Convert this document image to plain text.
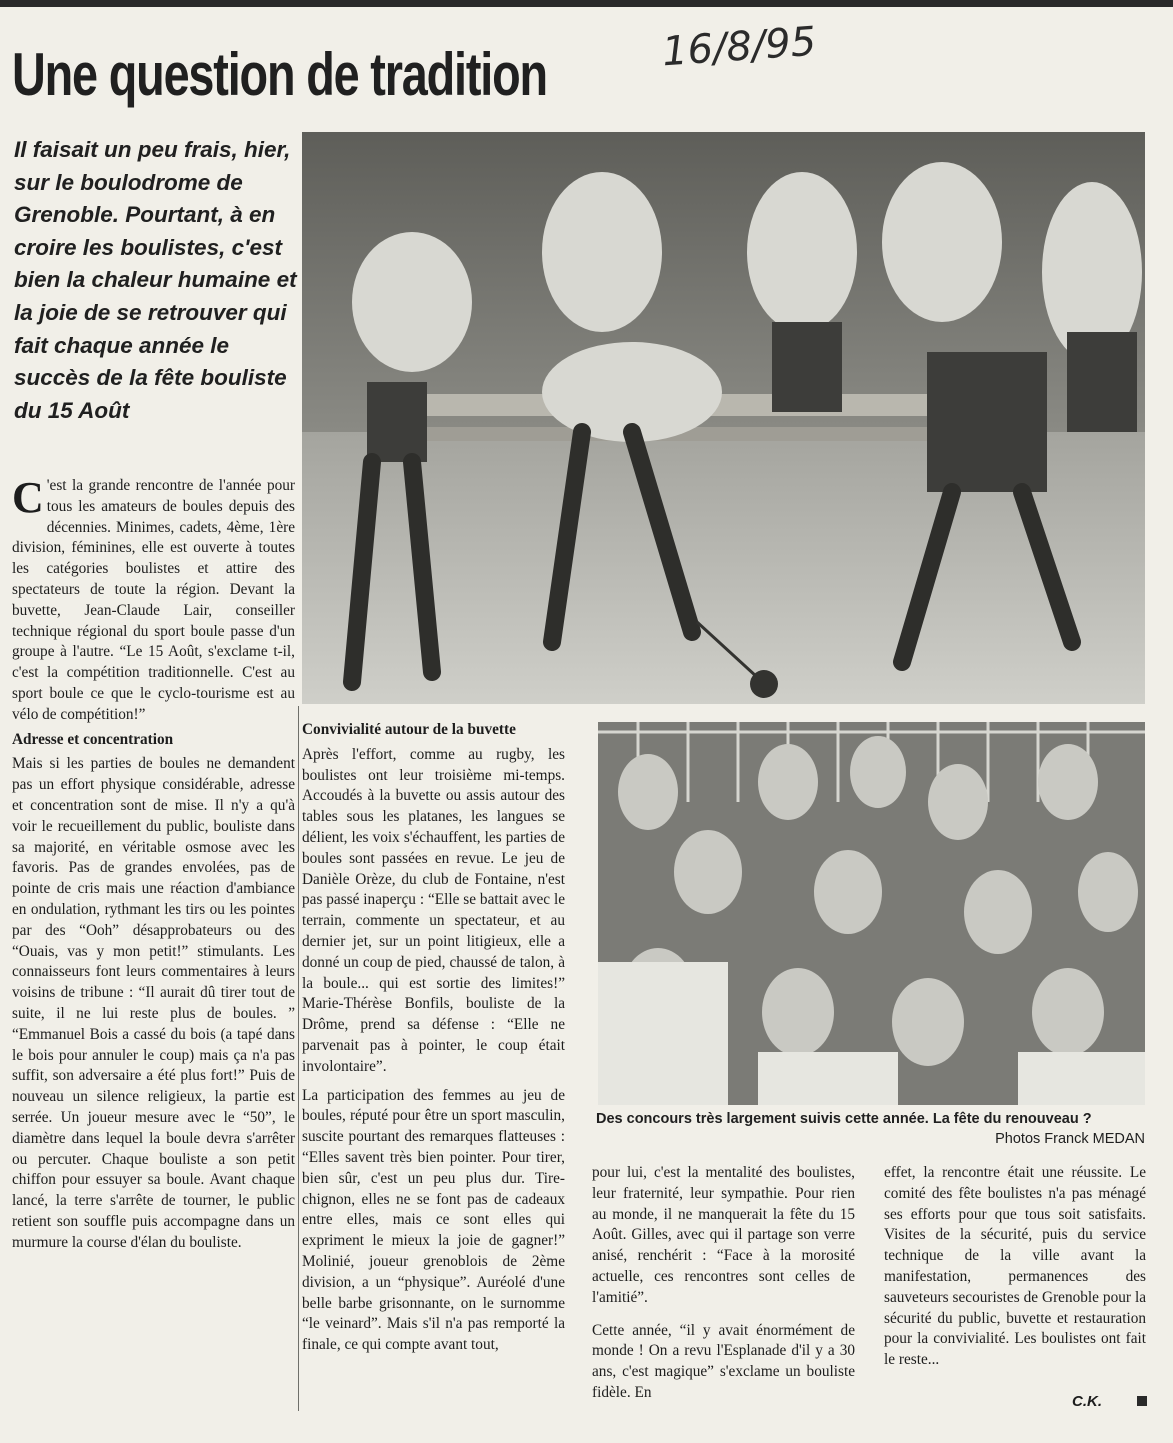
Une question de tradition	16/8/95
Il faisait un peu frais, hier, sur le boulodrome de Grenoble. Pourtant, à en croire les boulistes, c'est bien la chaleur humaine et la joie de se retrouver qui fait chaque année le succès de la fête bouliste du 15 Août

C 'est la grande rencontre de l'année pour tous les amateurs de boules depuis des décennies. Minimes, cadets, 4ème, 1ère division, féminines, elle est ouverte à toutes les catégories boulistes et attire des spectateurs de toute la région. Devant la buvette, Jean-Claude Lair, conseiller technique régional du sport boule passe d'un groupe à l'autre. “Le 15 Août, s'exclame t-il, c'est la compétition traditionnelle. C'est au sport boule ce que le cyclo-tourisme est au vélo de compétition!”

Adresse et concentration

Mais si les parties de boules ne demandent pas un effort physique considérable, adresse et concentration sont de mise. Il n'y a qu'à voir le recueillement du public, bouliste dans sa majorité, en véritable osmose avec les favoris. Pas de grandes envolées, pas de pointe de cris mais une réaction d'ambiance en ondulation, rythmant les tirs ou les pointes par des “Ooh” désapprobateurs ou des “Ouais, vas y mon petit!” stimulants. Les connaisseurs font leurs commentaires à leurs voisins de tribune : “Il aurait dû tirer tout de suite, il ne lui reste plus de boules. ” “Emmanuel Bois a cassé du bois (a tapé dans le bois pour annuler le coup) mais ça n'a pas suffit, son adversaire a été plus fort!” Puis de nouveau un silence religieux, la partie est serrée. Un joueur mesure avec le “50”, le diamètre dans lequel la boule devra s'arrêter ou percuter. Chaque bouliste a son petit chiffon pour essuyer sa boule. Avant chaque lancé, la terre s'arrête de tourner, le public retient son souffle puis accompagne dans un murmure la course d'élan du bouliste.

Convivialité autour de la buvette

Après l'effort, comme au rugby, les boulistes ont leur troisième mi-temps. Accoudés à la buvette ou assis autour des tables sous les platanes, les langues se délient, les voix s'échauffent, les parties de boules sont passées en revue. Le jeu de Danièle Orèze, du club de Fontaine, n'est pas passé inaperçu : “Elle se battait avec le terrain, commente un spectateur, et au dernier jet, sur un point litigieux, elle a donné un coup de pied, chaussé de talon, à la boule... qui est sortie des limites!” Marie-Thérèse Bonfils, bouliste de la Drôme, prend sa défense : “Elle ne parvenait pas à pointer, le coup était involontaire”.

La participation des femmes au jeu de boules, réputé pour être un sport masculin, suscite pourtant des remarques flatteuses : “Elles savent très bien pointer. Pour tirer, bien sûr, c'est un peu plus dur. Tire-chignon, elles ne se font pas de cadeaux entre elles, mais ce sont elles qui expriment le mieux la joie de gagner!” Molinié, joueur grenoblois de 2ème division, a un “physique”. Auréolé d'une belle barbe grisonnante, on le surnomme “le veinard”. Mais s'il n'a pas remporté la finale, ce qui compte avant tout,

Des concours très largement suivis cette année. La fête du renouveau ?
Photos Franck MEDAN

pour lui, c'est la mentalité des boulistes, leur fraternité, leur sympathie. Pour rien au monde, il ne manquerait la fête du 15 Août. Gilles, avec qui il partage son verre anisé, renchérit : “Face à la morosité actuelle, ces rencontres sont celles de l'amitié”.

Cette année, “il y avait énormément de monde ! On a revu l'Esplanade d'il y a 30 ans, c'est magique” s'exclame un bouliste fidèle. En

effet, la rencontre était une réussite. Le comité des fête boulistes n'a pas ménagé ses efforts pour que tous soit satisfaits. Visites de la sécurité, puis du service technique de la ville avant la manifestation, permanences des sauveteurs secouristes de Grenoble pour la sécurité du public, buvette et restauration pour la convivialité. Les boulistes ont fait le reste...

C.K.
